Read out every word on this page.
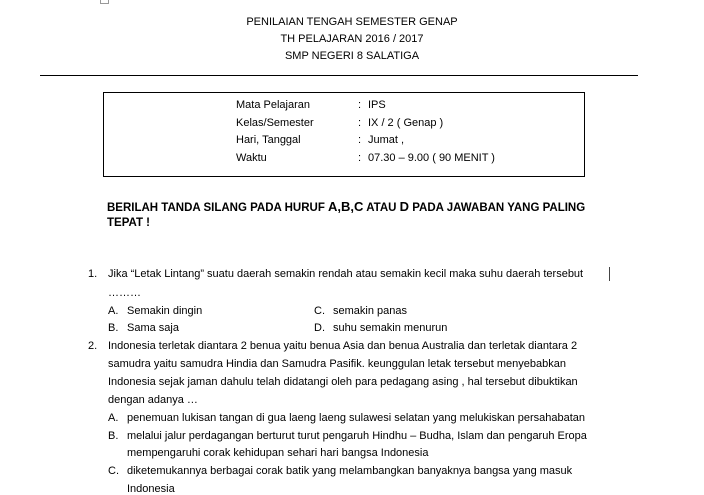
PENILAIAN TENGAH SEMESTER GENAP
TH PELAJARAN 2016 / 2017
SMP NEGERI 8 SALATIGA
Mata Pelajaran	: IPS
Kelas/Semester	: IX / 2 ( Genap )
Hari, Tanggal	: Jumat ,
Waktu	: 07.30 – 9.00 ( 90 MENIT )
BERILAH TANDA SILANG PADA HURUF A,B,C ATAU D PADA JAWABAN YANG PALING
TEPAT !
1. Jika “Letak Lintang” suatu daerah semakin rendah atau semakin kecil maka suhu daerah tersebut
………
A. Semakin dingin	C. semakin panas
B. Sama saja	D. suhu semakin menurun
2. Indonesia terletak diantara 2 benua yaitu benua Asia dan benua Australia dan terletak diantara 2
samudra yaitu samudra Hindia dan Samudra Pasifik. keunggulan letak tersebut menyebabkan
Indonesia sejak jaman dahulu telah didatangi oleh para pedagang asing , hal tersebut dibuktikan
dengan adanya …
A. penemuan lukisan tangan di gua laeng laeng sulawesi selatan yang melukiskan persahabatan
B. melalui jalur perdagangan berturut turut pengaruh Hindhu – Budha, Islam dan pengaruh Eropa
mempengaruhi corak kehidupan sehari hari bangsa Indonesia
C. diketemukannya berbagai corak batik yang melambangkan banyaknya bangsa yang masuk
Indonesia
